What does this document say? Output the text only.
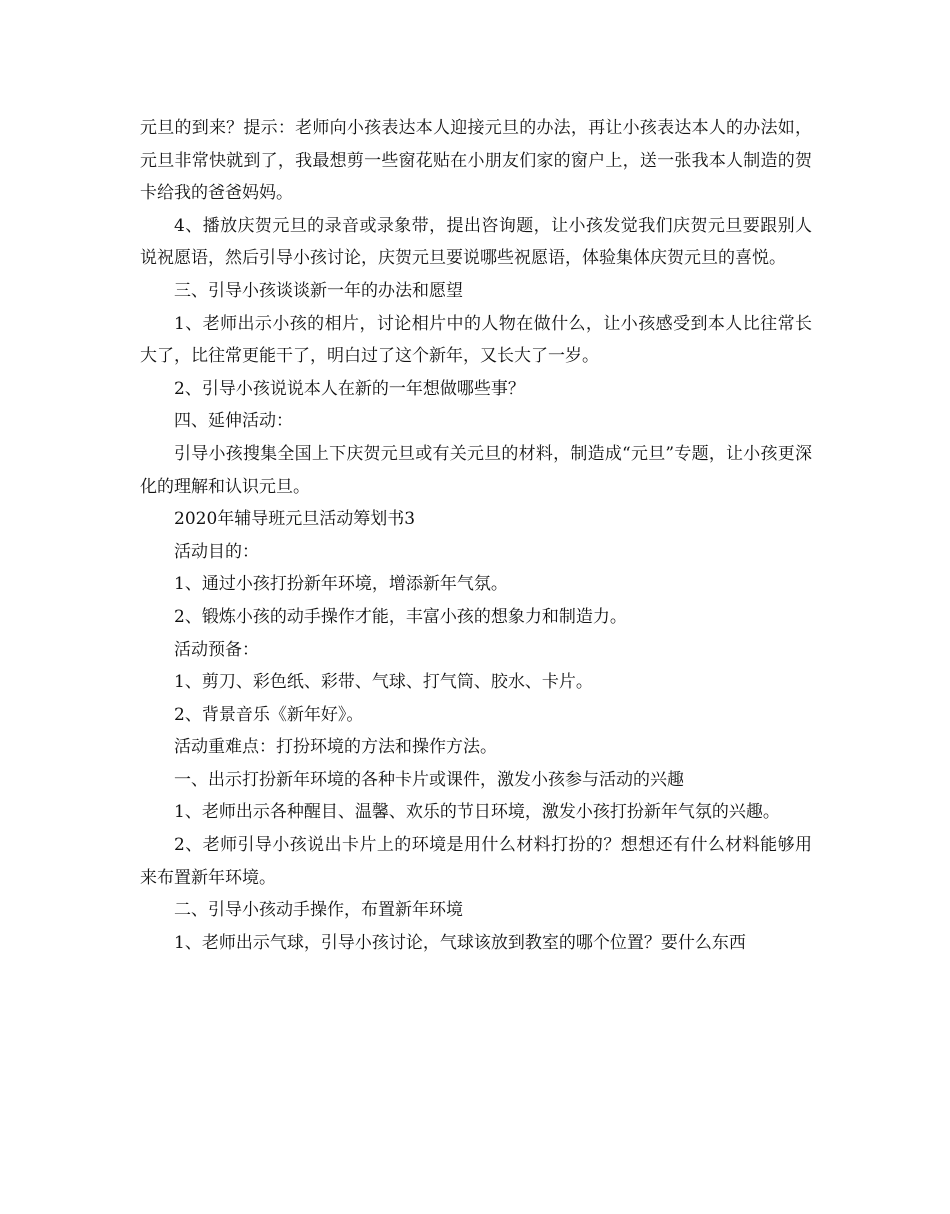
元旦的到来？提示：老师向小孩表达本人迎接元旦的办法，再让小孩表达本人的办法如，元旦非常快就到了，我最想剪一些窗花贴在小朋友们家的窗户上，送一张我本人制造的贺卡给我的爸爸妈妈。

4、播放庆贺元旦的录音或录象带，提出咨询题，让小孩发觉我们庆贺元旦要跟别人说祝愿语，然后引导小孩讨论，庆贺元旦要说哪些祝愿语，体验集体庆贺元旦的喜悦。

三、引导小孩谈谈新一年的办法和愿望

1、老师出示小孩的相片，讨论相片中的人物在做什么，让小孩感受到本人比往常长大了，比往常更能干了，明白过了这个新年，又长大了一岁。

2、引导小孩说说本人在新的一年想做哪些事？

四、延伸活动：

引导小孩搜集全国上下庆贺元旦或有关元旦的材料，制造成“元旦”专题，让小孩更深化的理解和认识元旦。

2020年辅导班元旦活动筹划书3

活动目的：

1、通过小孩打扮新年环境，增添新年气氛。

2、锻炼小孩的动手操作才能，丰富小孩的想象力和制造力。

活动预备：

1、剪刀、彩色纸、彩带、气球、打气筒、胶水、卡片。

2、背景音乐《新年好》。

活动重难点：打扮环境的方法和操作方法。

一、出示打扮新年环境的各种卡片或课件，激发小孩参与活动的兴趣

1、老师出示各种醒目、温馨、欢乐的节日环境，激发小孩打扮新年气氛的兴趣。

2、老师引导小孩说出卡片上的环境是用什么材料打扮的？想想还有什么材料能够用来布置新年环境。

二、引导小孩动手操作，布置新年环境

1、老师出示气球，引导小孩讨论，气球该放到教室的哪个位置？要什么东西
